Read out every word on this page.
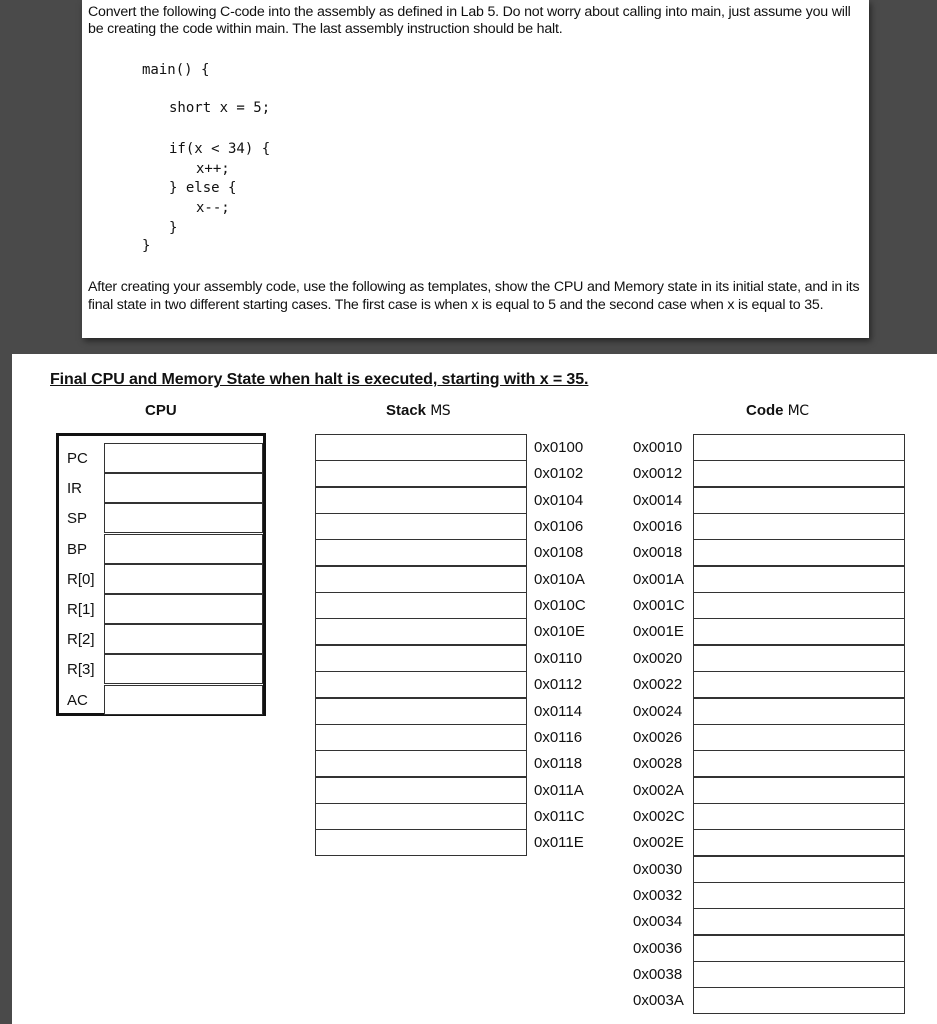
Convert the following C-code into the assembly as defined in Lab 5. Do not worry about calling into main, just assume you will be creating the code within main. The last assembly instruction should be halt.
main() {
short x = 5;
if(x < 34) {
x++;
} else {
x--;
}
}
After creating your assembly code, use the following as templates, show the CPU and Memory state in its initial state, and in its final state in two different starting cases. The first case is when x is equal to 5 and the second case when x is equal to 35.
Final CPU and Memory State when halt is executed, starting with x = 35.
CPU	Stack MS	Code MC
PC
IR
SP
BP
R[0]
R[1]
R[2]
R[3]
AC
0x0100
0x0102
0x0104
0x0106
0x0108
0x010A
0x010C
0x010E
0x0110
0x0112
0x0114
0x0116
0x0118
0x011A
0x011C
0x011E
0x0010
0x0012
0x0014
0x0016
0x0018
0x001A
0x001C
0x001E
0x0020
0x0022
0x0024
0x0026
0x0028
0x002A
0x002C
0x002E
0x0030
0x0032
0x0034
0x0036
0x0038
0x003A
